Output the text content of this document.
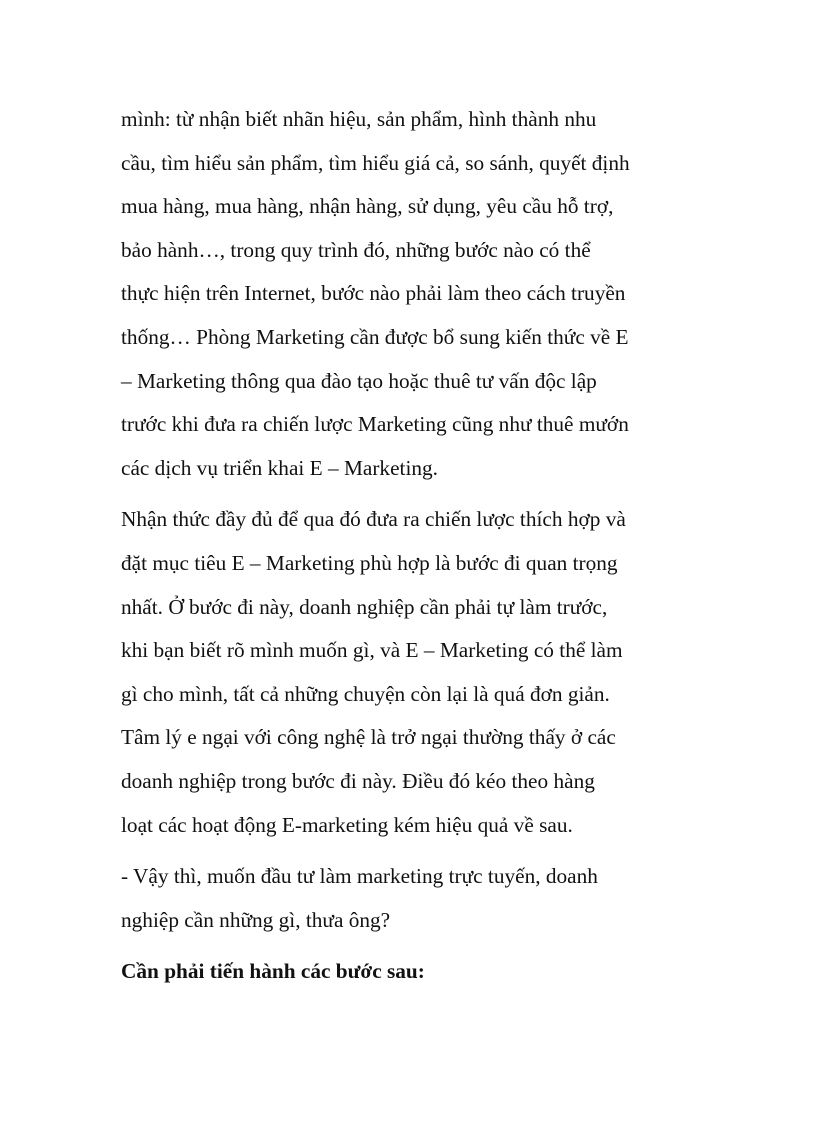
mình: từ nhận biết nhãn hiệu, sản phẩm, hình thành nhu
cầu, tìm hiểu sản phẩm, tìm hiểu giá cả, so sánh, quyết định
mua hàng, mua hàng, nhận hàng, sử dụng, yêu cầu hỗ trợ,
bảo hành…, trong quy trình đó, những bước nào có thể
thực hiện trên Internet, bước nào phải làm theo cách truyền
thống… Phòng Marketing cần được bổ sung kiến thức về E
– Marketing thông qua đào tạo hoặc thuê tư vấn độc lập
trước khi đưa ra chiến lược Marketing cũng như thuê mướn
các dịch vụ triển khai E – Marketing.
Nhận thức đầy đủ để qua đó đưa ra chiến lược thích hợp và
đặt mục tiêu E – Marketing phù hợp là bước đi quan trọng
nhất. Ở bước đi này, doanh nghiệp cần phải tự làm trước,
khi bạn biết rõ mình muốn gì, và E – Marketing có thể làm
gì cho mình, tất cả những chuyện còn lại là quá đơn giản.
Tâm lý e ngại với công nghệ là trở ngại thường thấy ở các
doanh nghiệp trong bước đi này. Điều đó kéo theo hàng
loạt các hoạt động E-marketing kém hiệu quả về sau.
- Vậy thì, muốn đầu tư làm marketing trực tuyến, doanh
nghiệp cần những gì, thưa ông?
Cần phải tiến hành các bước sau:
